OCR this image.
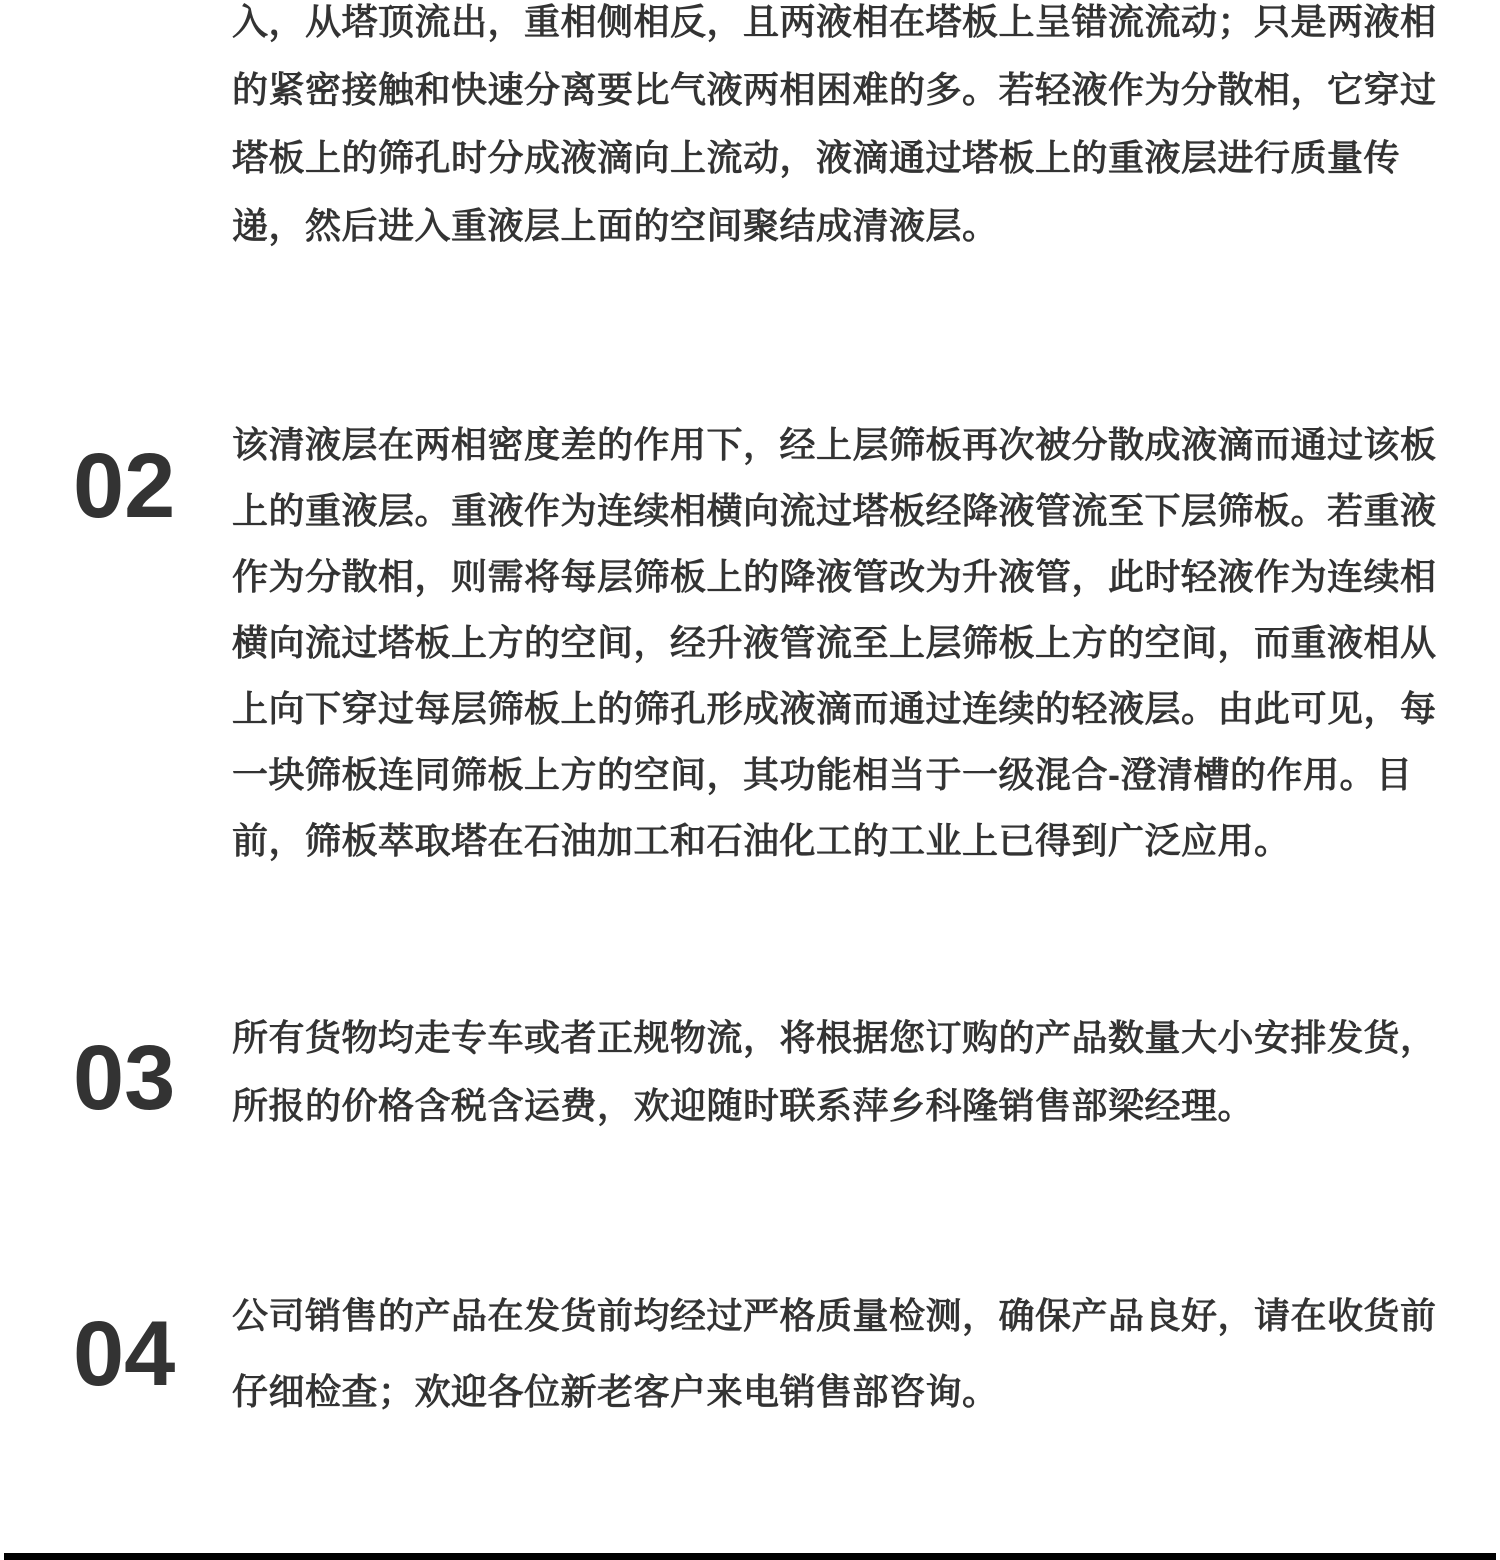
入，从塔顶流出，重相侧相反，且两液相在塔板上呈错流流动；只是两液相的紧密接触和快速分离要比气液两相困难的多。若轻液作为分散相，它穿过塔板上的筛孔时分成液滴向上流动，液滴通过塔板上的重液层进行质量传递，然后进入重液层上面的空间聚结成清液层。
02	该清液层在两相密度差的作用下，经上层筛板再次被分散成液滴而通过该板上的重液层。重液作为连续相横向流过塔板经降液管流至下层筛板。若重液作为分散相，则需将每层筛板上的降液管改为升液管，此时轻液作为连续相横向流过塔板上方的空间，经升液管流至上层筛板上方的空间，而重液相从上向下穿过每层筛板上的筛孔形成液滴而通过连续的轻液层。由此可见，每一块筛板连同筛板上方的空间，其功能相当于一级混合-澄清槽的作用。目前，筛板萃取塔在石油加工和石油化工的工业上已得到广泛应用。
03	所有货物均走专车或者正规物流，将根据您订购的产品数量大小安排发货，所报的价格含税含运费，欢迎随时联系萍乡科隆销售部梁经理。
04	公司销售的产品在发货前均经过严格质量检测，确保产品良好，请在收货前仔细检查；欢迎各位新老客户来电销售部咨询。
